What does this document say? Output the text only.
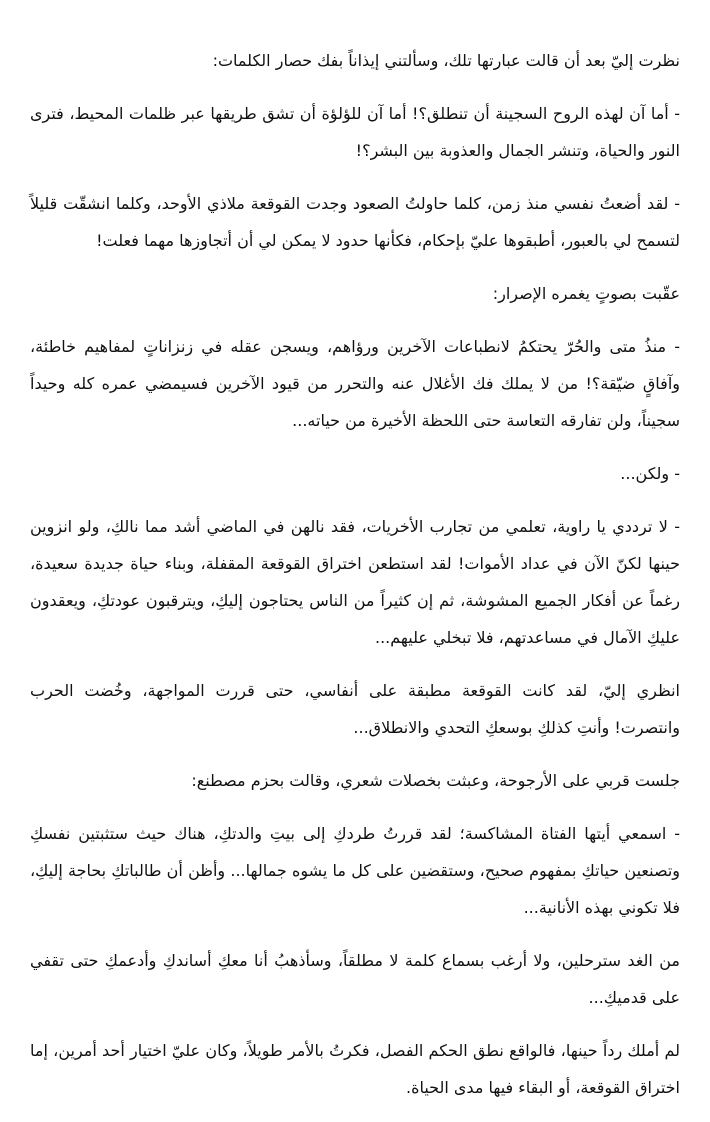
نظرت إليّ بعد أن قالت عبارتها تلك، وسألتني إيذاناً بفك حصار الكلمات:

- أما آن لهذه الروح السجينة أن تنطلق؟! أما آن للؤلؤة أن تشق طريقها عبر ظلمات المحيط، فترى النور والحياة، وتنشر الجمال والعذوبة بين البشر؟!

- لقد أضعتُ نفسي منذ زمن، كلما حاولتُ الصعود وجدت القوقعة ملاذي الأوحد، وكلما انشقّت قليلاً لتسمح لي بالعبور، أطبقوها عليّ بإحكام، فكأنها حدود لا يمكن لي أن أتجاوزها مهما فعلت!

عقّبت بصوتٍ يغمره الإصرار:

- منذُ متى والحُرّ يحتكمُ لانطباعات الآخرين ورؤاهم، ويسجن عقله في زنزاناتٍ لمفاهيم خاطئة، وآفاقٍ ضيّقة؟! من لا يملك فك الأغلال عنه والتحرر من قيود الآخرين فسيمضي عمره كله وحيداً سجيناً، ولن تفارقه التعاسة حتى اللحظة الأخيرة من حياته...

- ولكن...

- لا ترددي يا راوية، تعلمي من تجارب الأخريات، فقد نالهن في الماضي أشد مما نالكِ، ولو انزوين حينها لكنّ الآن في عداد الأموات! لقد استطعن اختراق القوقعة المقفلة، وبناء حياة جديدة سعيدة، رغماً عن أفكار الجميع المشوشة، ثم إن كثيراً من الناس يحتاجون إليكِ، ويترقبون عودتكِ، ويعقدون عليكِ الآمال في مساعدتهم، فلا تبخلي عليهم...

انظري إليّ، لقد كانت القوقعة مطبقة على أنفاسي، حتى قررت المواجهة، وخُضت الحرب وانتصرت! وأنتِ كذلكِ بوسعكِ التحدي والانطلاق...

جلست قربي على الأرجوحة، وعبثت بخصلات شعري، وقالت بحزم مصطنع:

- اسمعي أيتها الفتاة المشاكسة؛ لقد قررتُ طردكِ إلى بيتِ والدتكِ، هناك حيث ستثبتين نفسكِ وتصنعين حياتكِ بمفهوم صحيح، وستقضين على كل ما يشوه جمالها... وأظن أن طالباتكِ بحاجة إليكِ، فلا تكوني بهذه الأنانية...

من الغد سترحلين، ولا أرغب بسماع كلمة لا مطلقاً، وسأذهبُ أنا معكِ أساندكِ وأدعمكِ حتى تقفي على قدميكِ...

لم أملك رداً حينها، فالواقع نطق الحكم الفصل، فكرتُ بالأمر طويلاً، وكان عليّ اختيار أحد أمرين، إما اختراق القوقعة، أو البقاء فيها مدى الحياة.
